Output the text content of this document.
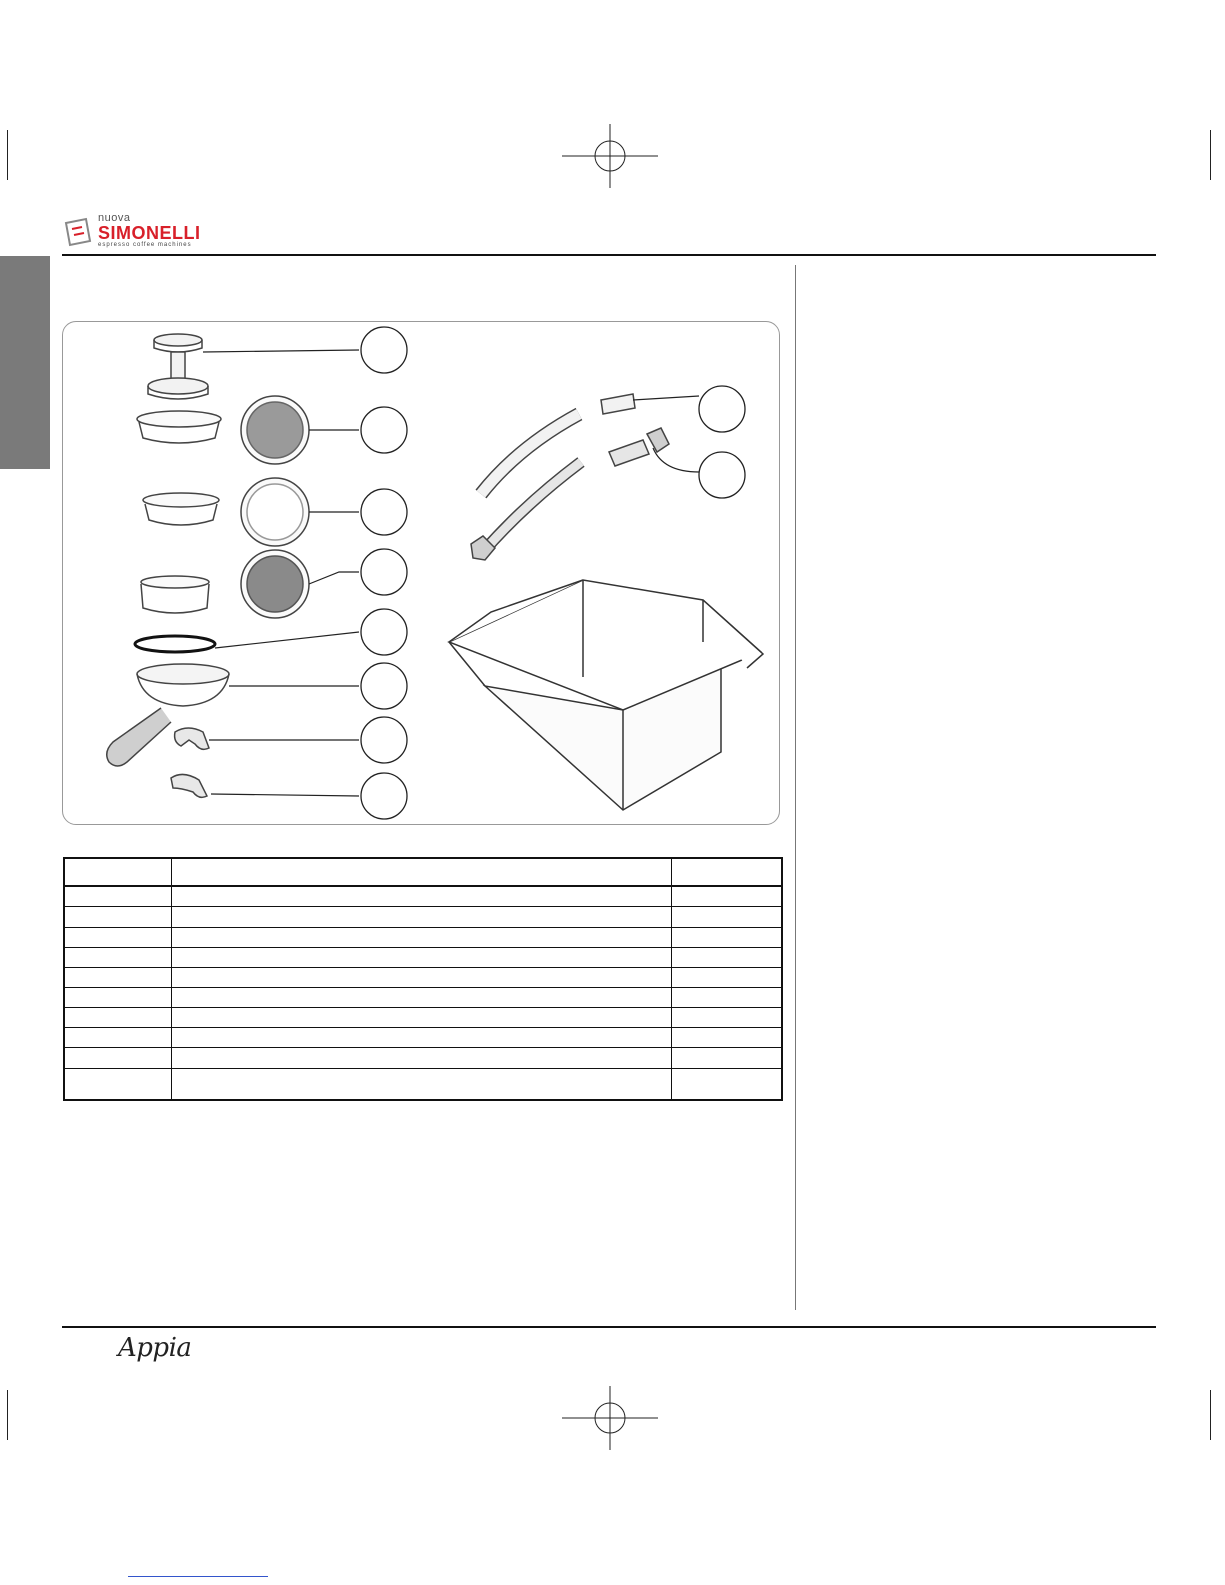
nuova
SIMONELLI
espresso coffee machines

Appia
